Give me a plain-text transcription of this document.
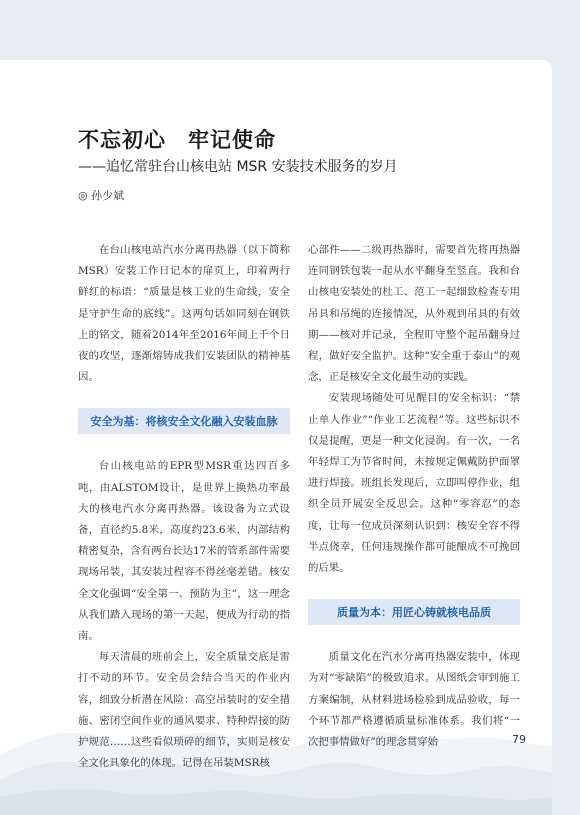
不忘初心　牢记使命
——追忆常驻台山核电站 MSR 安装技术服务的岁月
◎ 孙少斌

在台山核电站汽水分离再热器（以下简称MSR）安装工作日记本的扉页上，印着两行鲜红的标语：“质量是核工业的生命线，安全是守护生命的底线”。这两句话如同刻在钢铁上的铭文，随着2014年至2016年间上千个日夜的攻坚，逐渐熔铸成我们安装团队的精神基因。

安全为基：将核安全文化融入安装血脉

台山核电站的EPR型MSR重达四百多吨，由ALSTOM设计，是世界上换热功率最大的核电汽水分离再热器。该设备为立式设备，直径约5.8米，高度约23.6米，内部结构精密复杂，含有两台长达17米的管系部件需要现场吊装，其安装过程容不得丝毫差错。核安全文化强调“安全第一、预防为主”，这一理念从我们踏入现场的第一天起，便成为行动的指南。

每天清晨的班前会上，安全质量交底是雷打不动的环节。安全员会结合当天的作业内容，细致分析潜在风险：高空吊装时的安全措施、密闭空间作业的通风要求、特种焊接的防护规范……这些看似琐碎的细节，实则是核安全文化具象化的体现。记得在吊装MSR核

心部件——二级再热器时，需要首先将再热器连同钢铁包装一起从水平翻身至竖直。我和台山核电安装处的杜工、范工一起细致检查专用吊具和吊绳的连接情况，从外观到吊具的有效期——核对并记录，全程盯守整个起吊翻身过程，做好安全监护。这种“安全重于泰山”的观念，正是核安全文化最生动的实践。

安装现场随处可见醒目的安全标识：“禁止单人作业”“作业工艺流程”等。这些标识不仅是提醒，更是一种文化浸润。有一次，一名年轻焊工为节省时间，未按规定佩戴防护面罩进行焊接。班组长发现后，立即叫停作业，组织全员开展安全反思会。这种“零容忍”的态度，让每一位成员深刻认识到：核安全容不得半点侥幸，任何违规操作都可能酿成不可挽回的后果。

质量为本：用匠心铸就核电品质

质量文化在汽水分离再热器安装中，体现为对“零缺陷”的极致追求。从图纸会审到施工方案编制，从材料进场检验到成品验收，每一个环节都严格遵循质量标准体系。我们将“一次把事情做好”的理念贯穿始	79
